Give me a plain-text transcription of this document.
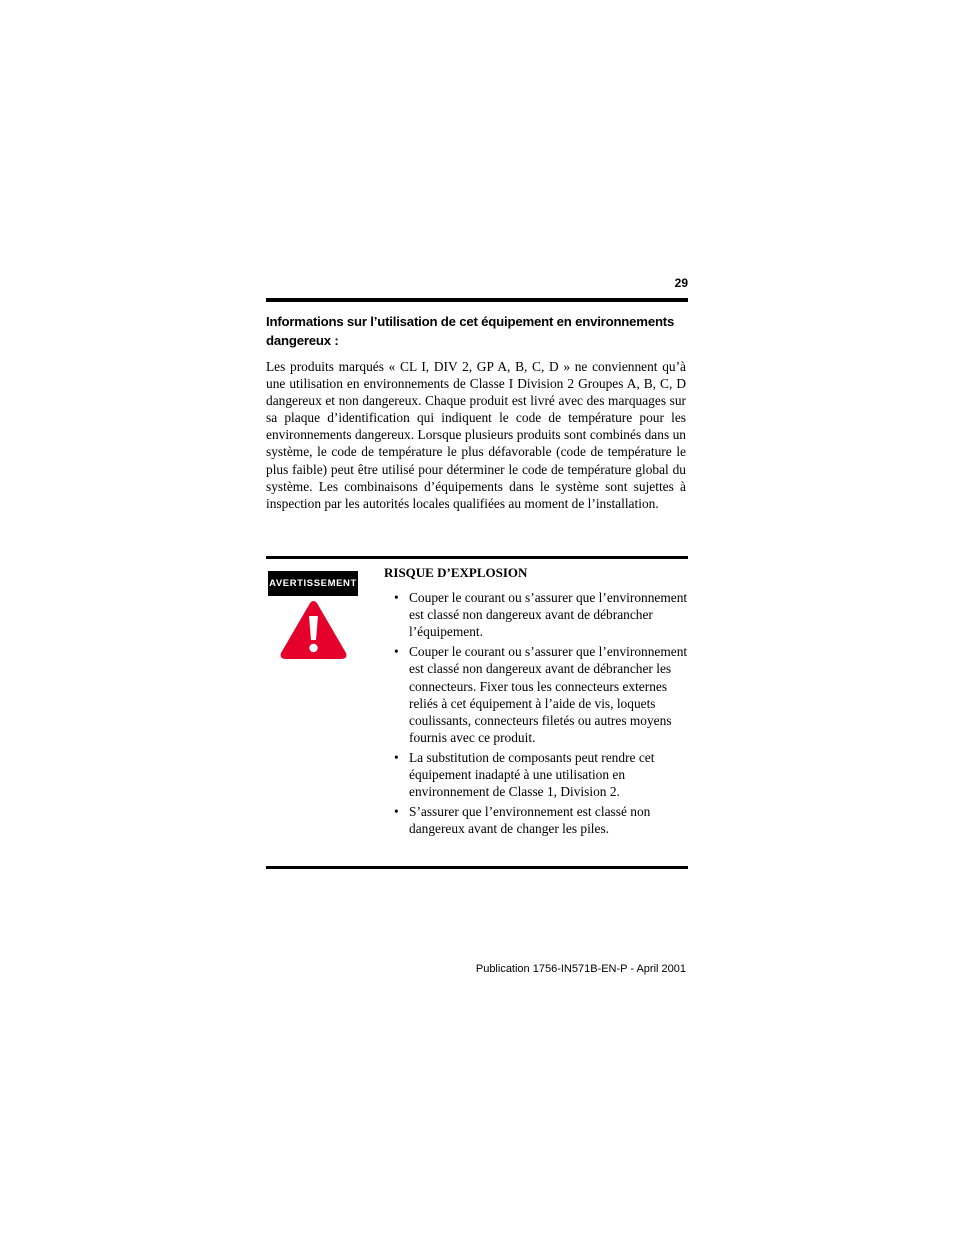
29
Informations sur l’utilisation de cet équipement en environnements dangereux :

Les produits marqués « CL I, DIV 2, GP A, B, C, D » ne conviennent qu’à une utilisation en environnements de Classe I Division 2 Groupes A, B, C, D dangereux et non dangereux. Chaque produit est livré avec des marquages sur sa plaque d’identification qui indiquent le code de température pour les environnements dangereux. Lorsque plusieurs produits sont combinés dans un système, le code de température le plus défavorable (code de température le plus faible) peut être utilisé pour déterminer le code de température global du système. Les combinaisons d’équipements dans le système sont sujettes à inspection par les autorités locales qualifiées au moment de l’installation.

AVERTISSEMENT
RISQUE D’EXPLOSION
• Couper le courant ou s’assurer que l’environnement est classé non dangereux avant de débrancher l’équipement.
• Couper le courant ou s’assurer que l’environnement est classé non dangereux avant de débrancher les connecteurs. Fixer tous les connecteurs externes reliés à cet équipement à l’aide de vis, loquets coulissants, connecteurs filetés ou autres moyens fournis avec ce produit.
• La substitution de composants peut rendre cet équipement inadapté à une utilisation en environnement de Classe 1, Division 2.
• S’assurer que l’environnement est classé non dangereux avant de changer les piles.
Publication 1756-IN571B-EN-P - April 2001
